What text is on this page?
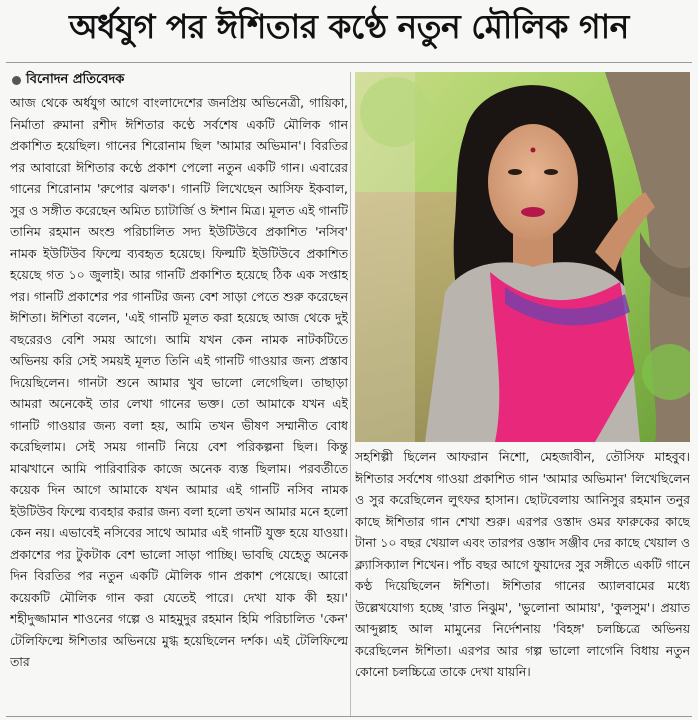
অর্ধযুগ পর ঈশিতার কণ্ঠে নতুন মৌলিক গান
বিনোদন প্রতিবেদক

আজ থেকে অর্ধযুগ আগে বাংলাদেশের জনপ্রিয় অভিনেত্রী, গায়িকা, নির্মাতা রুমানা রশীদ ঈশিতার কণ্ঠে সর্বশেষ একটি মৌলিক গান প্রকাশিত হয়েছিল। গানের শিরোনাম ছিল 'আমার অভিমান'। বিরতির পর আবারো ঈশিতার কণ্ঠে প্রকাশ পেলো নতুন একটি গান। এবারের গানের শিরোনাম 'রুপোর ঝলক'। গানটি লিখেছেন আসিফ ইকবাল, সুর ও সঙ্গীত করেছেন অমিত চ্যাটার্জি ও ঈশান মিত্র। মূলত এই গানটি তানিম রহমান অংশু পরিচালিত সদ্য ইউটিউবে প্রকাশিত 'নসিব' নামক ইউটিউব ফিল্মে ব্যবহৃত হয়েছে। ফিল্মটি ইউটিউবে প্রকাশিত হয়েছে গত ১০ জুলাই। আর গানটি প্রকাশিত হয়েছে ঠিক এক সপ্তাহ পর। গানটি প্রকাশের পর গানটির জন্য বেশ সাড়া পেতে শুরু করেছেন ঈশিতা। ঈশিতা বলেন, 'এই গানটি মূলত করা হয়েছে আজ থেকে দুই বছরেরও বেশি সময় আগে। আমি যখন কেন নামক নাটকটিতে অভিনয় করি সেই সময়ই মূলত তিনি এই গানটি গাওয়ার জন্য প্রস্তাব দিয়েছিলেন। গানটা শুনে আমার খুব ভালো লেগেছিল। তাছাড়া আমরা অনেকেই তার লেখা গানের ভক্ত। তো আমাকে যখন এই গানটি গাওয়ার জন্য বলা হয়, আমি তখন ভীষণ সম্মানীত বোধ করেছিলাম। সেই সময় গানটি নিয়ে বেশ পরিকল্পনা ছিল। কিন্তু মাঝখানে আমি পারিবারিক কাজে অনেক ব্যস্ত ছিলাম। পরবর্তীতে কয়েক দিন আগে আমাকে যখন আমার এই গানটি নসিব নামক ইউটিউব ফিল্মে ব্যবহার করার জন্য বলা হলো তখন আমার মনে হলো কেন নয়। এভাবেই নসিবের সাথে আমার এই গানটি যুক্ত হয়ে যাওয়া। প্রকাশের পর টুকটাক বেশ ভালো সাড়া পাচ্ছি। ভাবছি যেহেতু অনেক দিন বিরতির পর নতুন একটি মৌলিক গান প্রকাশ পেয়েছে। আরো কয়েকটি মৌলিক গান করা যেতেই পারে। দেখা যাক কী হয়।' শহীদুজ্জামান শাওনের গল্পে ও মাহমুদুর রহমান হিমি পরিচালিত 'কেন' টেলিফিল্মে ঈশিতার অভিনয়ে মুগ্ধ হয়েছিলেন দর্শক। এই টেলিফিল্মে তার

সহশিল্পী ছিলেন আফরান নিশো, মেহজাবীন, তৌসিফ মাহবুব। ঈশিতার সর্বশেষ গাওয়া প্রকাশিত গান 'আমার অভিমান' লিখেছিলেন ও সুর করেছিলেন লুৎফর হাসান। ছোটবেলায় আনিসুর রহমান তনুর কাছে ঈশিতার গান শেখা শুরু। এরপর ওস্তাদ ওমর ফারুকের কাছে টানা ১০ বছর খেয়াল এবং তারপর ওস্তাদ সঞ্জীব দের কাছে খেয়াল ও ক্ল্যাসিক্যাল শিখেন। পাঁচ বছর আগে ফুয়াদের সুর সঙ্গীতে একটি গানে কণ্ঠ দিয়েছিলেন ঈশিতা। ঈশিতার গানের অ্যালবামের মধ্যে উল্লেখযোগ্য হচ্ছে 'রাত নিঝুম', 'ভুলোনা আমায়', 'কুলসুম'। প্রয়াত আব্দুল্লাহ আল মামুনের নির্দেশনায় 'বিহঙ্গ' চলচ্চিত্রে অভিনয় করেছিলেন ঈশিতা। এরপর আর গল্প ভালো লাগেনি বিধায় নতুন কোনো চলচ্চিত্রে তাকে দেখা যায়নি।
